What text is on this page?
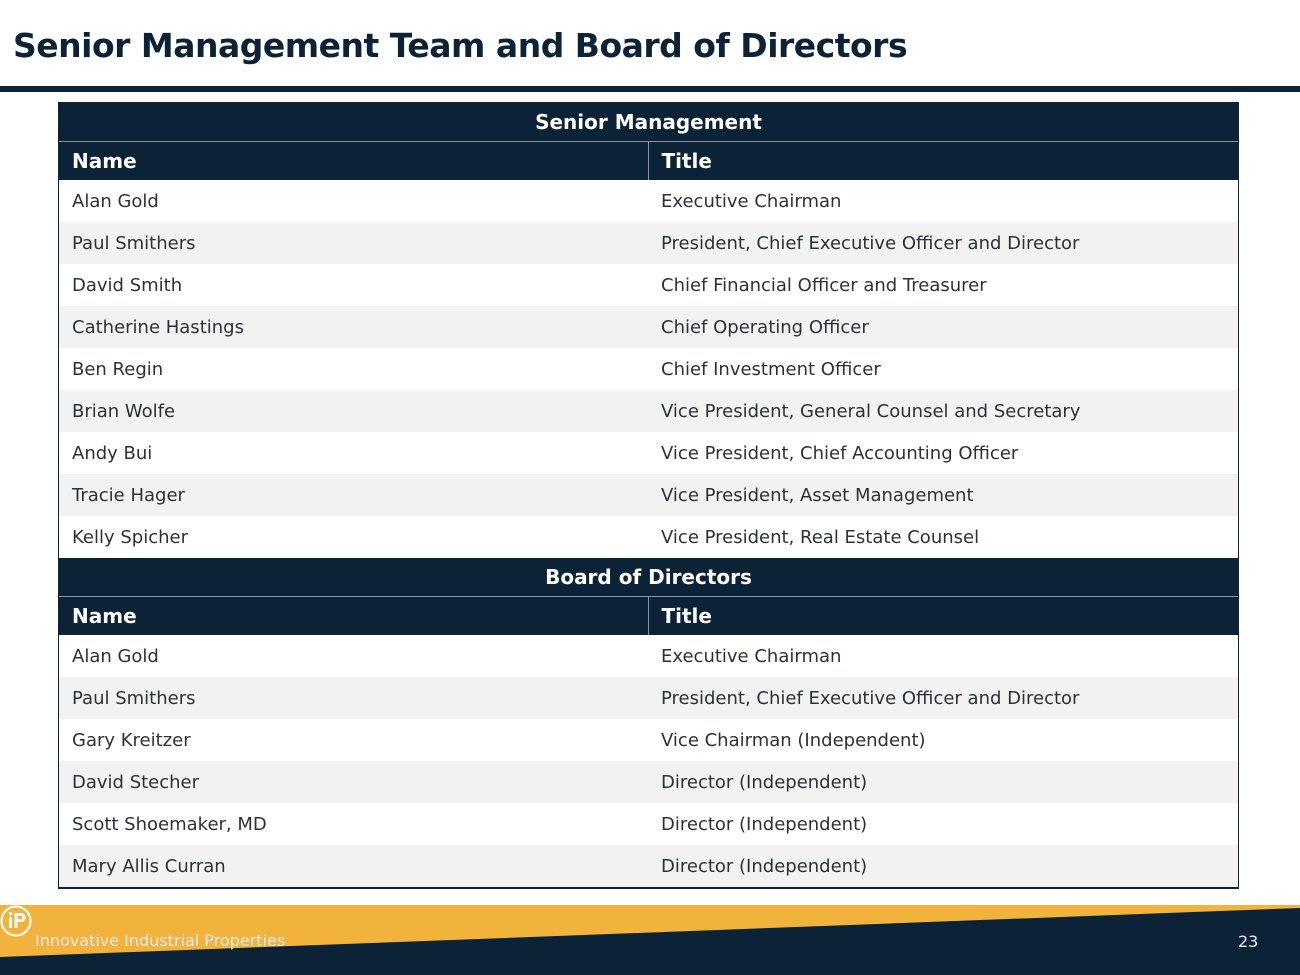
Senior Management Team and Board of Directors
Senior Management	
Name	Title
Alan Gold	Executive Chairman
Paul Smithers	President, Chief Executive Officer and Director
David Smith	Chief Financial Officer and Treasurer
Catherine Hastings	Chief Operating Officer
Ben Regin	Chief Investment Officer
Brian Wolfe	Vice President, General Counsel and Secretary
Andy Bui	Vice President, Chief Accounting Officer
Tracie Hager	Vice President, Asset Management
Kelly Spicher	Vice President, Real Estate Counsel
Board of Directors	
Name	Title
Alan Gold	Executive Chairman
Paul Smithers	President, Chief Executive Officer and Director
Gary Kreitzer	Vice Chairman (Independent)
David Stecher	Director (Independent)
Scott Shoemaker, MD	Director (Independent)
Mary Allis Curran	Director (Independent)
Innovative Industrial Properties	23
